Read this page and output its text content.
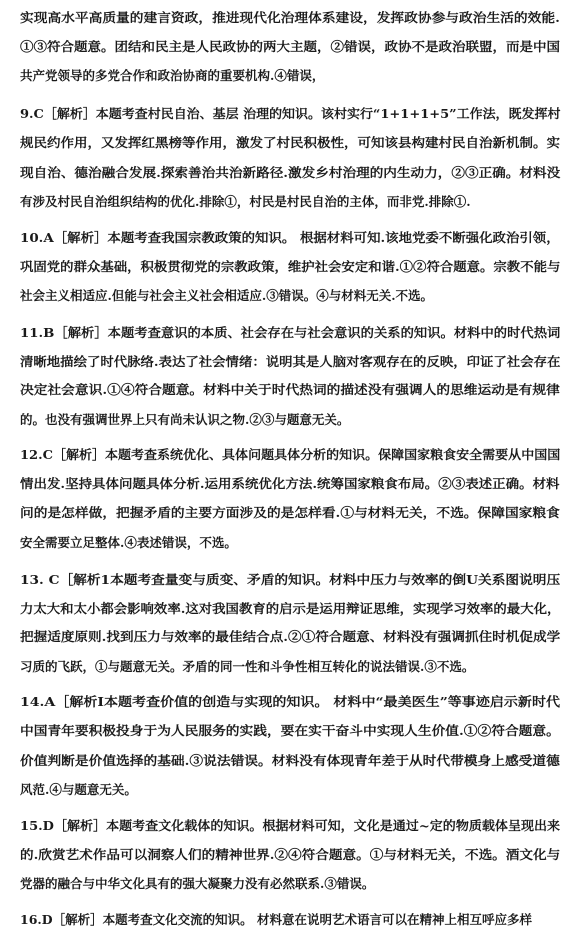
实现高水平高质量的建言资政，推进现代化治理体系建设，发挥政协参与政治生活的效能.
①③符合题意。团结和民主是人民政协的两大主题，②错误，政协不是政治联盟，而是中国
共产党领导的多党合作和政治协商的重要机构.④错误，
9.C［解析］本题考查村民自治、基层 治理的知识。该村实行“1+1+1+5”工作法，既发挥村
规民约作用，又发挥红黑榜等作用，激发了村民积极性，可知该县构建村民自治新机制。实
现自治、德治融合发展.探索善治共治新路径.激发乡村治理的内生动力，②③正确。材料没
有涉及村民自治组织结构的优化.排除①，村民是村民自治的主体，而非党.排除①.
10.A［解析］本题考查我国宗教政策的知识。 根据材料可知.该地党委不断强化政治引领，
巩固党的群众基础，积极贯彻党的宗教政策，维护社会安定和谐.①②符合题意。宗教不能与
社会主义相适应.但能与社会主义社会相适应.③错误。④与材料无关.不选。
11.B［解析］本题考查意识的本质、社会存在与社会意识的关系的知识。材料中的时代热词
清晰地描绘了时代脉络.表达了社会情绪：说明其是人脑对客观存在的反映，印证了社会存在
决定社会意识.①④符合题意。材料中关于时代热词的描述没有强调人的思维运动是有规律
的。也没有强调世界上只有尚未认识之物.②③与题意无关。
12.C［解析］本题考查系统优化、具体问题具体分析的知识。保障国家粮食安全需要从中国国
情出发.坚持具体问题具体分析.运用系统优化方法.统筹国家粮食布局。②③表述正确。材料
问的是怎样做，把握矛盾的主要方面涉及的是怎样看.①与材料无关，不选。保障国家粮食
安全需要立足整体.④表述错误，不选。
13. C［解析1本题考查量变与质变、矛盾的知识。材料中压力与效率的倒U关系图说明压
力太大和太小都会影响效率.这对我国教育的启示是运用辩证思维，实现学习效率的最大化，
把握适度原则.找到压力与效率的最佳结合点.②①符合题意、材料没有强调抓住时机促成学
习质的飞跃，①与题意无关。矛盾的同一性和斗争性相互转化的说法错误.③不选。
14.A［解析Ⅰ本题考查价值的创造与实现的知识。 材料中“最美医生”等事迹启示新时代
中国青年要积极投身于为人民服务的实践，要在实干奋斗中实现人生价值.①②符合题意。
价值判断是价值选择的基础.③说法错误。材料没有体现青年差于从时代带模身上感受道德
风范.④与题意无关。
15.D［解析］本题考查文化载体的知识。根据材料可知，文化是通过~定的物质载体呈现出来
的.欣赏艺术作品可以洞察人们的精神世界.②④符合题意。①与材料无关，不选。酒文化与
党器的融合与中华文化具有的强大凝聚力没有必然联系.③错误。
16.D［解析］本题考查文化交流的知识。 材料意在说明艺术语言可以在精神上相互呼应多样
